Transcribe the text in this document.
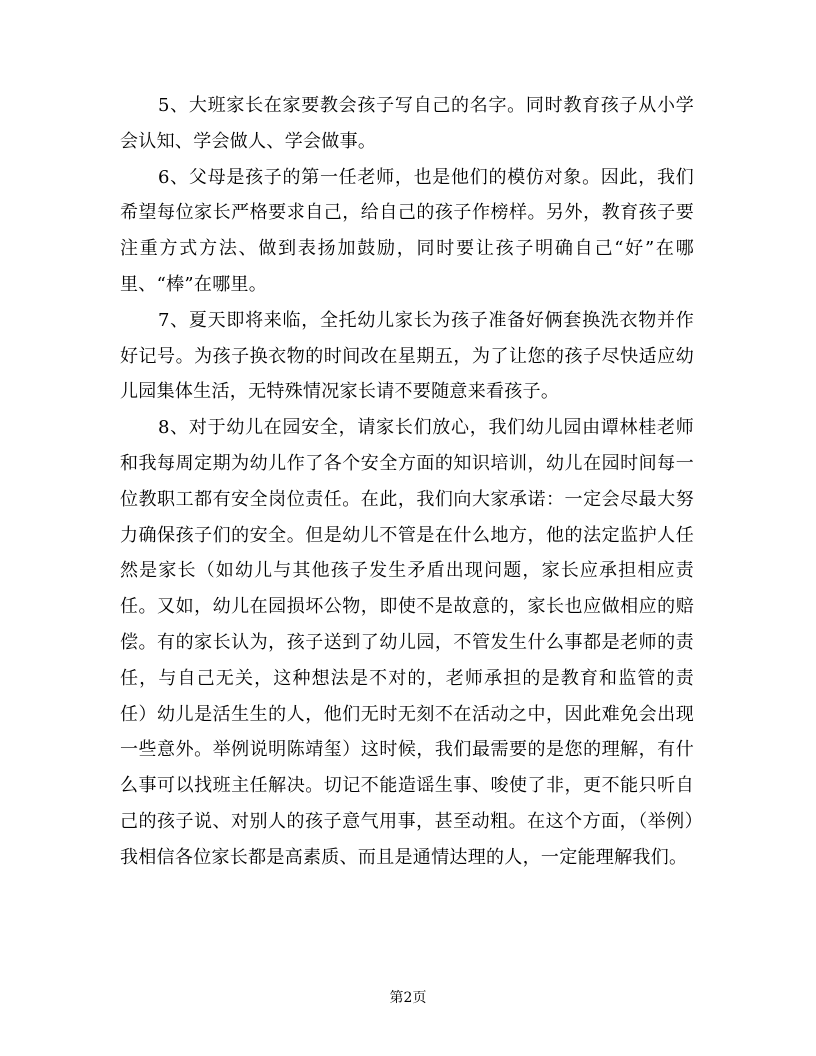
5、大班家长在家要教会孩子写自己的名字。同时教育孩子从小学会认知、学会做人、学会做事。

6、父母是孩子的第一任老师，也是他们的模仿对象。因此，我们希望每位家长严格要求自己，给自己的孩子作榜样。另外，教育孩子要注重方式方法、做到表扬加鼓励，同时要让孩子明确自己“好”在哪里、“棒”在哪里。

7、夏天即将来临，全托幼儿家长为孩子准备好俩套换洗衣物并作好记号。为孩子换衣物的时间改在星期五，为了让您的孩子尽快适应幼儿园集体生活，无特殊情况家长请不要随意来看孩子。

8、对于幼儿在园安全，请家长们放心，我们幼儿园由谭林桂老师和我每周定期为幼儿作了各个安全方面的知识培训，幼儿在园时间每一位教职工都有安全岗位责任。在此，我们向大家承诺：一定会尽最大努力确保孩子们的安全。但是幼儿不管是在什么地方，他的法定监护人任然是家长（如幼儿与其他孩子发生矛盾出现问题，家长应承担相应责任。又如，幼儿在园损坏公物，即使不是故意的，家长也应做相应的赔偿。有的家长认为，孩子送到了幼儿园，不管发生什么事都是老师的责任，与自己无关，这种想法是不对的，老师承担的是教育和监管的责任）幼儿是活生生的人，他们无时无刻不在活动之中，因此难免会出现一些意外。举例说明陈靖玺）这时候，我们最需要的是您的理解，有什么事可以找班主任解决。切记不能造谣生事、唆使了非，更不能只听自己的孩子说、对别人的孩子意气用事，甚至动粗。在这个方面，（举例）我相信各位家长都是高素质、而且是通情达理的人，一定能理解我们。

第2页
